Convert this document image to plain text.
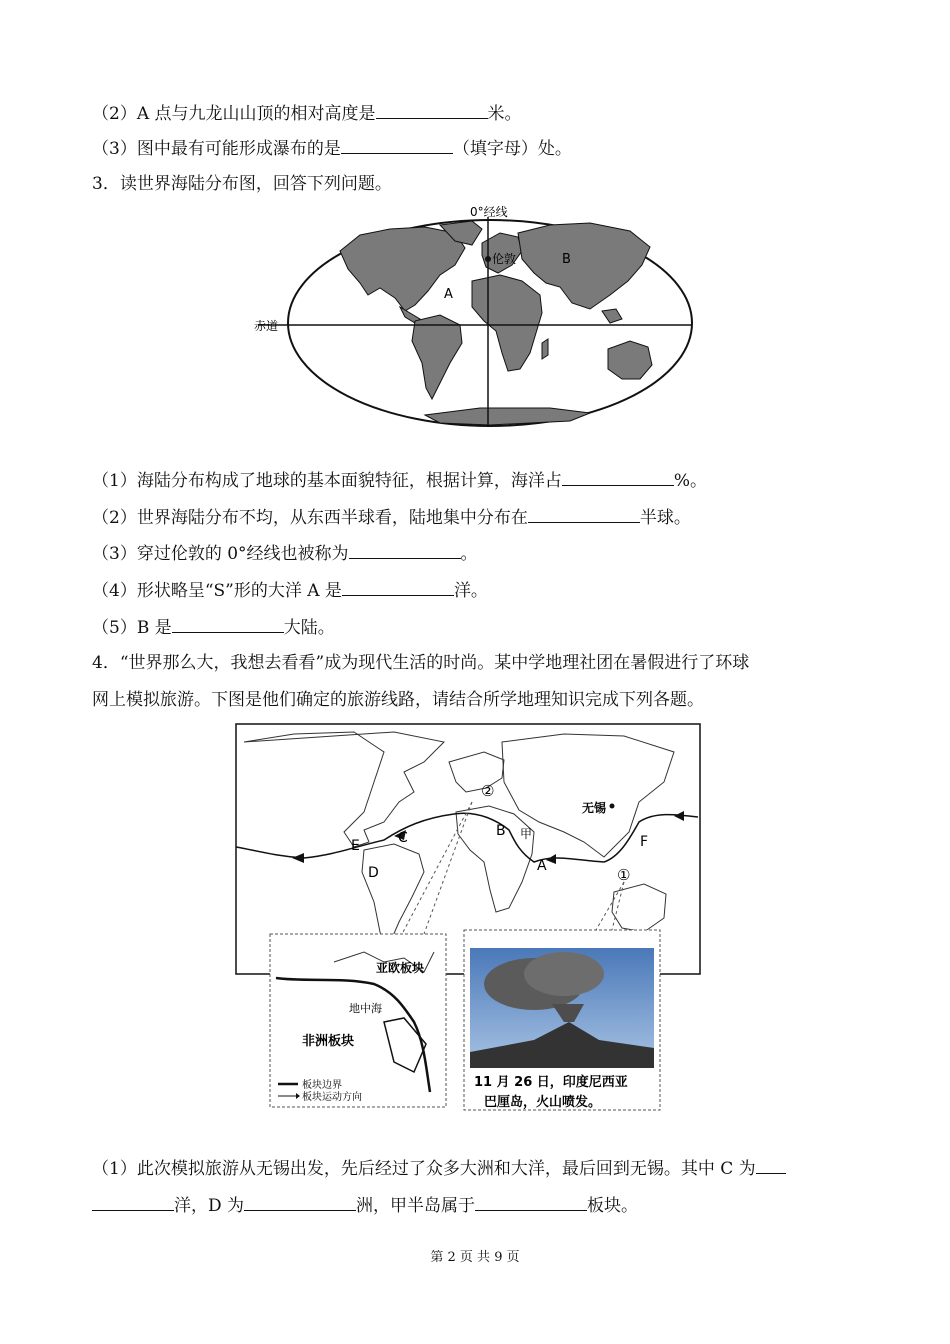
（2）A 点与九龙山山顶的相对高度是	米。
（3）图中最有可能形成瀑布的是	（填字母）处。
3．读世界海陆分布图，回答下列问题。
0°经线
赤道
伦敦
A
B
（1）海陆分布构成了地球的基本面貌特征，根据计算，海洋占	%。
（2）世界海陆分布不均，从东西半球看，陆地集中分布在	半球。
（3）穿过伦敦的 0°经线也被称为	。
（4）形状略呈“S”形的大洋 A 是	洋。
（5）B 是	大陆。
4．“世界那么大，我想去看看”成为现代生活的时尚。某中学地理社团在暑假进行了环球
网上模拟旅游。下图是他们确定的旅游线路，请结合所学地理知识完成下列各题。
无锡
A
B
C
D
E	F
甲
①
②
亚欧板块
地中海
非洲板块
板块边界
板块运动方向
11 月 26 日，印度尼西亚
巴厘岛，火山喷发。
（1）此次模拟旅游从无锡出发，先后经过了众多大洲和大洋，最后回到无锡。其中 C 为
洋，D 为	洲，甲半岛属于	板块。
第 2 页 共 9 页
